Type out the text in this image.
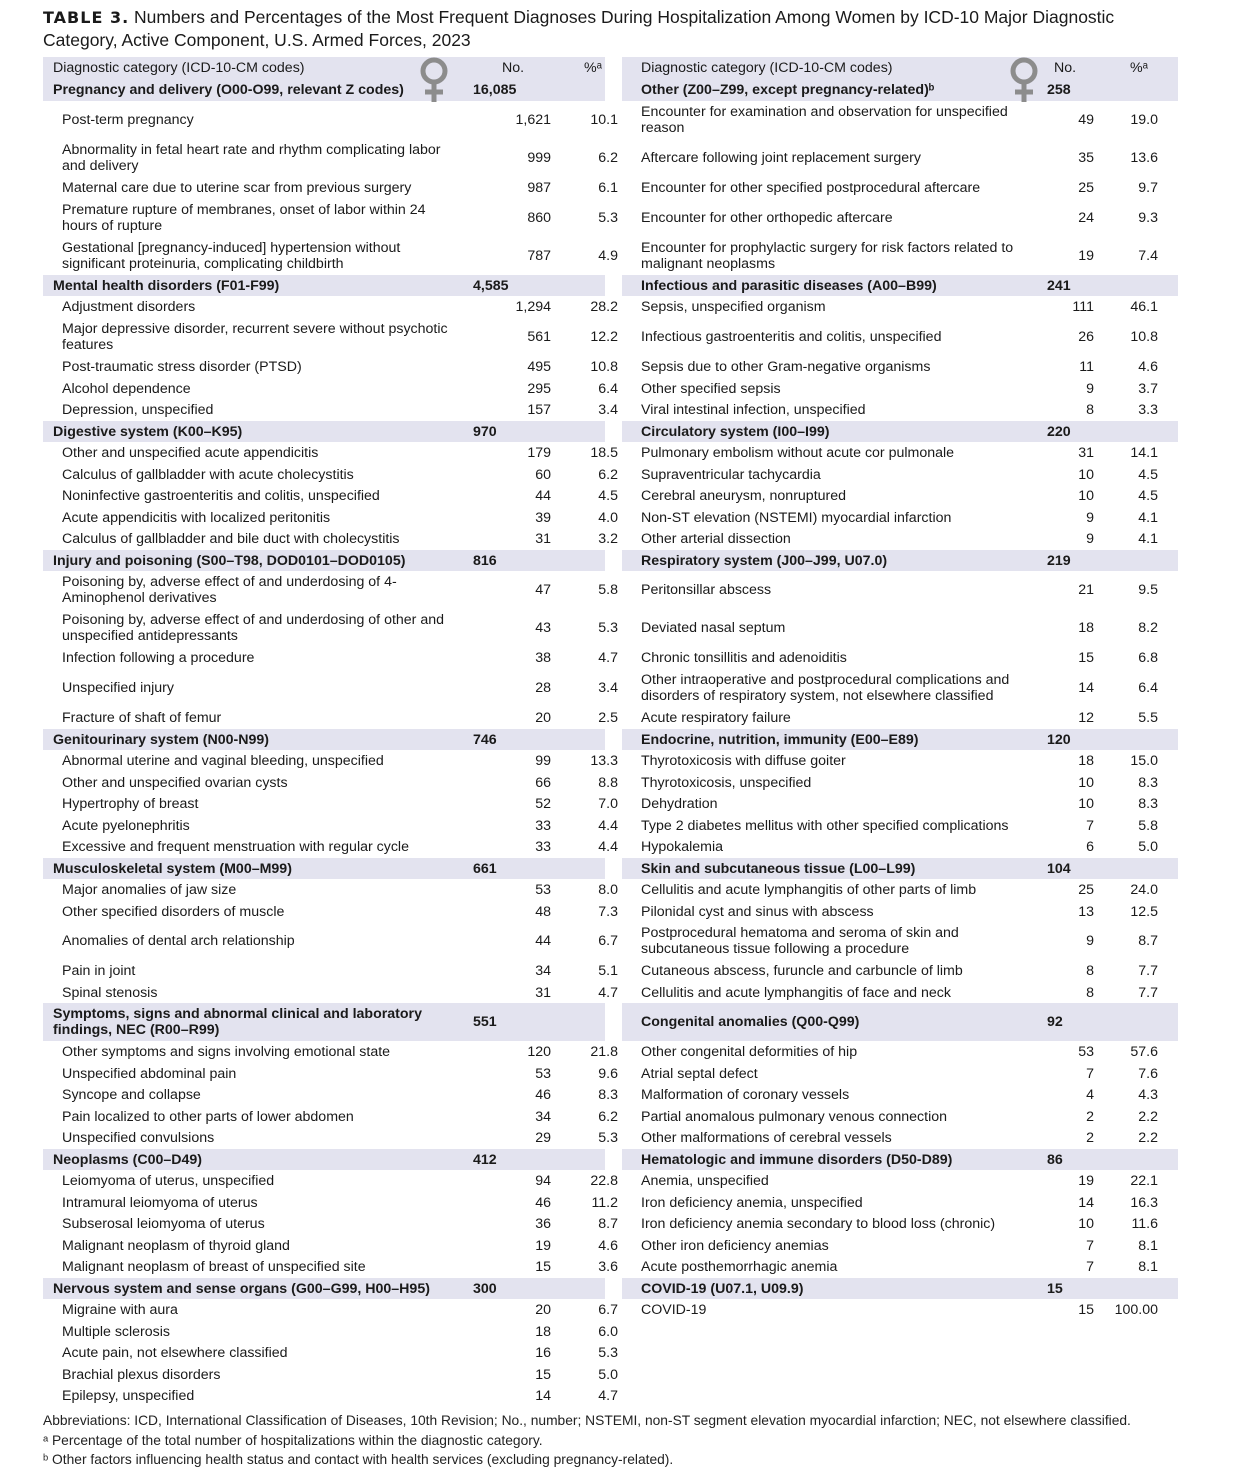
TABLE 3. Numbers and Percentages of the Most Frequent Diagnoses During Hospitalization Among Women by ICD-10 Major Diagnostic Category, Active Component, U.S. Armed Forces, 2023
Diagnostic category (ICD-10-CM codes)	No.	%ᵃ
Pregnancy and delivery (O00-O99, relevant Z codes)	16,085
Post-term pregnancy	1,621	10.1
Abnormality in fetal heart rate and rhythm complicating labor and delivery	999	6.2
Maternal care due to uterine scar from previous surgery	987	6.1
Premature rupture of membranes, onset of labor within 24 hours of rupture	860	5.3
Gestational [pregnancy-induced] hypertension without significant proteinuria, complicating childbirth	787	4.9
Mental health disorders (F01-F99)	4,585
Adjustment disorders	1,294	28.2
Major depressive disorder, recurrent severe without psychotic features	561	12.2
Post-traumatic stress disorder (PTSD)	495	10.8
Alcohol dependence	295	6.4
Depression, unspecified	157	3.4
Digestive system (K00–K95)	970
Other and unspecified acute appendicitis	179	18.5
Calculus of gallbladder with acute cholecystitis	60	6.2
Noninfective gastroenteritis and colitis, unspecified	44	4.5
Acute appendicitis with localized peritonitis	39	4.0
Calculus of gallbladder and bile duct with cholecystitis	31	3.2
Injury and poisoning (S00–T98, DOD0101–DOD0105)	816
Poisoning by, adverse effect of and underdosing of 4-Aminophenol derivatives	47	5.8
Poisoning by, adverse effect of and underdosing of other and unspecified antidepressants	43	5.3
Infection following a procedure	38	4.7
Unspecified injury	28	3.4
Fracture of shaft of femur	20	2.5
Genitourinary system (N00-N99)	746
Abnormal uterine and vaginal bleeding, unspecified	99	13.3
Other and unspecified ovarian cysts	66	8.8
Hypertrophy of breast	52	7.0
Acute pyelonephritis	33	4.4
Excessive and frequent menstruation with regular cycle	33	4.4
Musculoskeletal system (M00–M99)	661
Major anomalies of jaw size	53	8.0
Other specified disorders of muscle	48	7.3
Anomalies of dental arch relationship	44	6.7
Pain in joint	34	5.1
Spinal stenosis	31	4.7
Symptoms, signs and abnormal clinical and laboratory findings, NEC (R00–R99)	551
Other symptoms and signs involving emotional state	120	21.8
Unspecified abdominal pain	53	9.6
Syncope and collapse	46	8.3
Pain localized to other parts of lower abdomen	34	6.2
Unspecified convulsions	29	5.3
Neoplasms (C00–D49)	412
Leiomyoma of uterus, unspecified	94	22.8
Intramural leiomyoma of uterus	46	11.2
Subserosal leiomyoma of uterus	36	8.7
Malignant neoplasm of thyroid gland	19	4.6
Malignant neoplasm of breast of unspecified site	15	3.6
Nervous system and sense organs (G00–G99, H00–H95)	300
Migraine with aura	20	6.7
Multiple sclerosis	18	6.0
Acute pain, not elsewhere classified	16	5.3
Brachial plexus disorders	15	5.0
Epilepsy, unspecified	14	4.7
Diagnostic category (ICD-10-CM codes)	No.	%ᵃ
Other (Z00–Z99, except pregnancy-related)ᵇ	258
Encounter for examination and observation for unspecified reason	49	19.0
Aftercare following joint replacement surgery	35	13.6
Encounter for other specified postprocedural aftercare	25	9.7
Encounter for other orthopedic aftercare	24	9.3
Encounter for prophylactic surgery for risk factors related to malignant neoplasms	19	7.4
Infectious and parasitic diseases (A00–B99)	241
Sepsis, unspecified organism	111	46.1
Infectious gastroenteritis and colitis, unspecified	26	10.8
Sepsis due to other Gram-negative organisms	11	4.6
Other specified sepsis	9	3.7
Viral intestinal infection, unspecified	8	3.3
Circulatory system (I00–I99)	220
Pulmonary embolism without acute cor pulmonale	31	14.1
Supraventricular tachycardia	10	4.5
Cerebral aneurysm, nonruptured	10	4.5
Non-ST elevation (NSTEMI) myocardial infarction	9	4.1
Other arterial dissection	9	4.1
Respiratory system (J00–J99, U07.0)	219
Peritonsillar abscess	21	9.5
Deviated nasal septum	18	8.2
Chronic tonsillitis and adenoiditis	15	6.8
Other intraoperative and postprocedural complications and disorders of respiratory system, not elsewhere classified	14	6.4
Acute respiratory failure	12	5.5
Endocrine, nutrition, immunity (E00–E89)	120
Thyrotoxicosis with diffuse goiter	18	15.0
Thyrotoxicosis, unspecified	10	8.3
Dehydration	10	8.3
Type 2 diabetes mellitus with other specified complications	7	5.8
Hypokalemia	6	5.0
Skin and subcutaneous tissue (L00–L99)	104
Cellulitis and acute lymphangitis of other parts of limb	25	24.0
Pilonidal cyst and sinus with abscess	13	12.5
Postprocedural hematoma and seroma of skin and subcutaneous tissue following a procedure	9	8.7
Cutaneous abscess, furuncle and carbuncle of limb	8	7.7
Cellulitis and acute lymphangitis of face and neck	8	7.7
Congenital anomalies (Q00-Q99)	92
Other congenital deformities of hip	53	57.6
Atrial septal defect	7	7.6
Malformation of coronary vessels	4	4.3
Partial anomalous pulmonary venous connection	2	2.2
Other malformations of cerebral vessels	2	2.2
Hematologic and immune disorders (D50-D89)	86
Anemia, unspecified	19	22.1
Iron deficiency anemia, unspecified	14	16.3
Iron deficiency anemia secondary to blood loss (chronic)	10	11.6
Other iron deficiency anemias	7	8.1
Acute posthemorrhagic anemia	7	8.1
COVID-19 (U07.1, U09.9)	15
COVID-19	15	100.00
Abbreviations: ICD, International Classification of Diseases, 10th Revision; No., number; NSTEMI, non-ST segment elevation myocardial infarction; NEC, not elsewhere classified.
ᵃ Percentage of the total number of hospitalizations within the diagnostic category.
ᵇ Other factors influencing health status and contact with health services (excluding pregnancy-related).
